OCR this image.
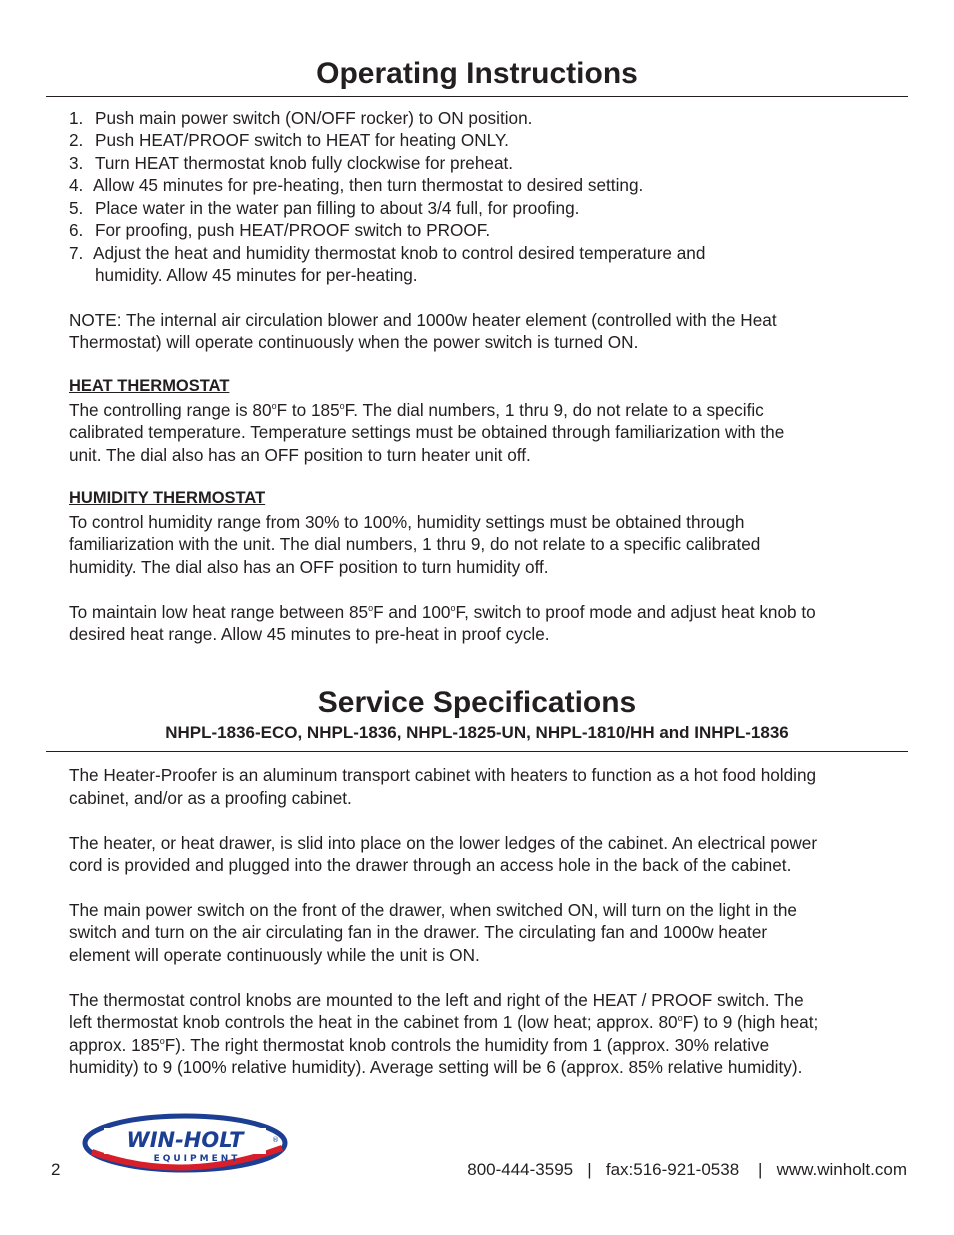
Operating Instructions
1. Push main power switch (ON/OFF rocker) to ON position.
2. Push HEAT/PROOF switch to HEAT for heating ONLY.
3. Turn HEAT thermostat knob fully clockwise for preheat.
4. Allow 45 minutes for pre-heating, then turn thermostat to desired setting.
5. Place water in the water pan filling to about 3/4 full, for proofing.
6. For proofing, push HEAT/PROOF switch to PROOF.
7. Adjust the heat and humidity thermostat knob to control desired temperature and
humidity. Allow 45 minutes for per-heating.
NOTE: The internal air circulation blower and 1000w heater element (controlled with the Heat
Thermostat) will operate continuously when the power switch is turned ON.
HEAT THERMOSTAT
The controlling range is 80$^o$F to 185$^o$F. The dial numbers, 1 thru 9, do not relate to a specific
calibrated temperature. Temperature settings must be obtained through familiarization with the
unit. The dial also has an OFF position to turn heater unit off.
HUMIDITY THERMOSTAT
To control humidity range from 30% to 100%, humidity settings must be obtained through
familiarization with the unit. The dial numbers, 1 thru 9, do not relate to a specific calibrated
humidity. The dial also has an OFF position to turn humidity off.
To maintain low heat range between 85$^o$F and 100$^o$F, switch to proof mode and adjust heat knob to
desired heat range. Allow 45 minutes to pre-heat in proof cycle.
Service Specifications
NHPL-1836-ECO, NHPL-1836, NHPL-1825-UN, NHPL-1810/HH and INHPL-1836
The Heater-Proofer is an aluminum transport cabinet with heaters to function as a hot food holding
cabinet, and/or as a proofing cabinet.
The heater, or heat drawer, is slid into place on the lower ledges of the cabinet. An electrical power
cord is provided and plugged into the drawer through an access hole in the back of the cabinet.
The main power switch on the front of the drawer, when switched ON, will turn on the light in the
switch and turn on the air circulating fan in the drawer. The circulating fan and 1000w heater
element will operate continuously while the unit is ON.
The thermostat control knobs are mounted to the left and right of the HEAT / PROOF switch. The
left thermostat knob controls the heat in the cabinet from 1 (low heat; approx. 80$^o$F) to 9 (high heat;
approx. 185$^o$F). The right thermostat knob controls the humidity from 1 (approx. 30% relative
humidity) to 9 (100% relative humidity). Average setting will be 6 (approx. 85% relative humidity).
WIN-HOLT	®
EQUIPMENT
2	800-444-3595   |   fax:516-921-0538    |   www.winholt.com
